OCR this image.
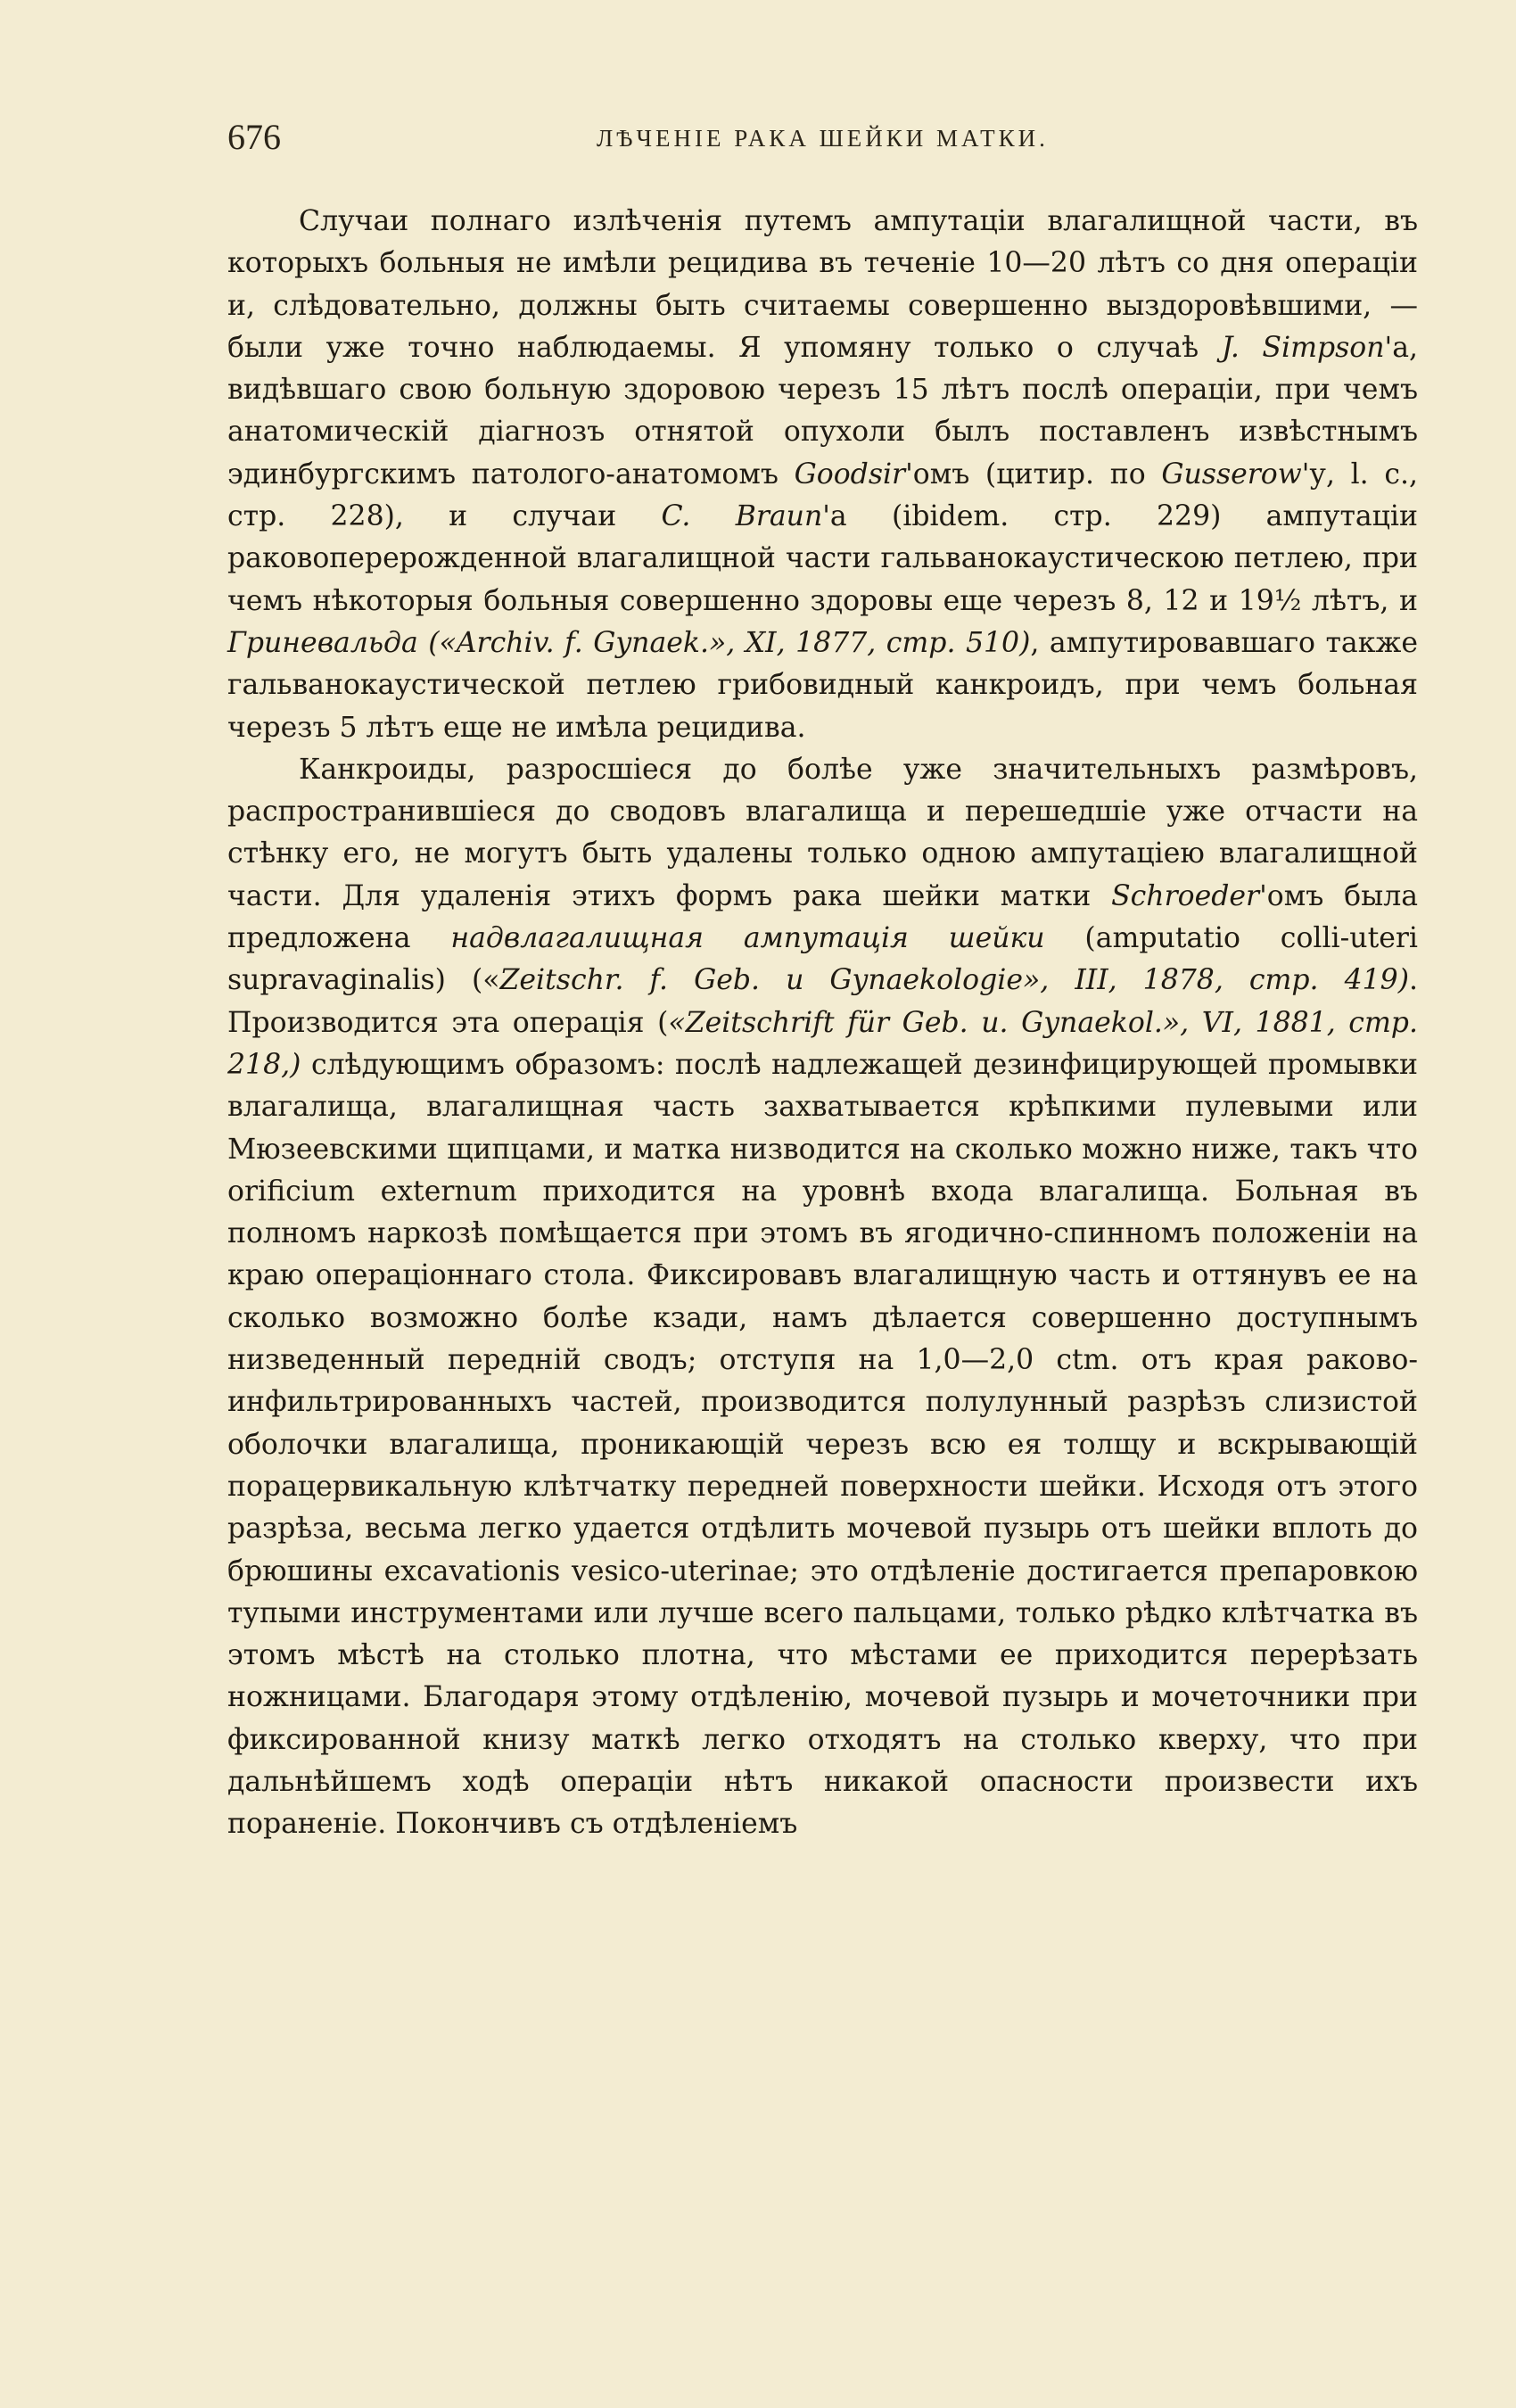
676	ЛѢЧЕНІЕ РАКА ШЕЙКИ МАТКИ.

Случаи полнаго излѣченія путемъ ампутаціи влагалищной части, въ которыхъ больныя не имѣли рецидива въ теченіе 10—20 лѣтъ со дня операціи и, слѣдовательно, должны быть считаемы совершенно выздоровѣвшими, — были уже точно наблюдаемы. Я упомяну только о случаѣ J. Simpson'а, видѣвшаго свою больную здоровою черезъ 15 лѣтъ послѣ операціи, при чемъ анатомическій діагнозъ отнятой опухоли былъ поставленъ извѣстнымъ эдинбургскимъ патолого-анатомомъ Goodsir'омъ (цитир. по Gusserow'у, l. c., стр. 228), и случаи C. Braun'а (ibidem. стр. 229) ампутаціи раковоперерожденной влагалищной части гальванокаустическою петлею, при чемъ нѣкоторыя больныя совершенно здоровы еще черезъ 8, 12 и 19½ лѣтъ, и Гриневальда («Archiv. f. Gynaek.», XI, 1877, стр. 510), ампутировавшаго также гальванокаустической петлею грибовидный канкроидъ, при чемъ больная черезъ 5 лѣтъ еще не имѣла рецидива.

Канкроиды, разросшіеся до болѣе уже значительныхъ размѣровъ, распространившіеся до сводовъ влагалища и перешедшіе уже отчасти на стѣнку его, не могутъ быть удалены только одною ампутаціею влагалищной части. Для удаленія этихъ формъ рака шейки матки Schroeder'омъ была предложена надвлагалищная ампутація шейки (amputatio colli-uteri supravaginalis) («Zeitschr. f. Geb. и Gynaekologie», III, 1878, стр. 419). Производится эта операція («Zeitschrift für Geb. u. Gynaekol.», VI, 1881, стр. 218,) слѣдующимъ образомъ: послѣ надлежащей дезинфицирующей промывки влагалища, влагалищная часть захватывается крѣпкими пулевыми или Мюзеевскими щипцами, и матка низводится на сколько можно ниже, такъ что orificium externum приходится на уровнѣ входа влагалища. Больная въ полномъ наркозѣ помѣщается при этомъ въ ягодично-спинномъ положеніи на краю операціоннаго стола. Фиксировавъ влагалищную часть и оттянувъ ее на сколько возможно болѣе кзади, намъ дѣлается совершенно доступнымъ низведенный передній сводъ; отступя на 1,0—2,0 ctm. отъ края раково-инфильтрированныхъ частей, производится полулунный разрѣзъ слизистой оболочки влагалища, проникающій черезъ всю ея толщу и вскрывающій порацервикальную клѣтчатку передней поверхности шейки. Исходя отъ этого разрѣза, весьма легко удается отдѣлить мочевой пузырь отъ шейки вплоть до брюшины excavationis vesico-uterinae; это отдѣленіе достигается препаровкою тупыми инструментами или лучше всего пальцами, только рѣдко клѣтчатка въ этомъ мѣстѣ на столько плотна, что мѣстами ее приходится перерѣзать ножницами. Благодаря этому отдѣленію, мочевой пузырь и мочеточники при фиксированной книзу маткѣ легко отходятъ на столько кверху, что при дальнѣйшемъ ходѣ операціи нѣтъ никакой опасности произвести ихъ пораненіе. Покончивъ съ отдѣленіемъ
